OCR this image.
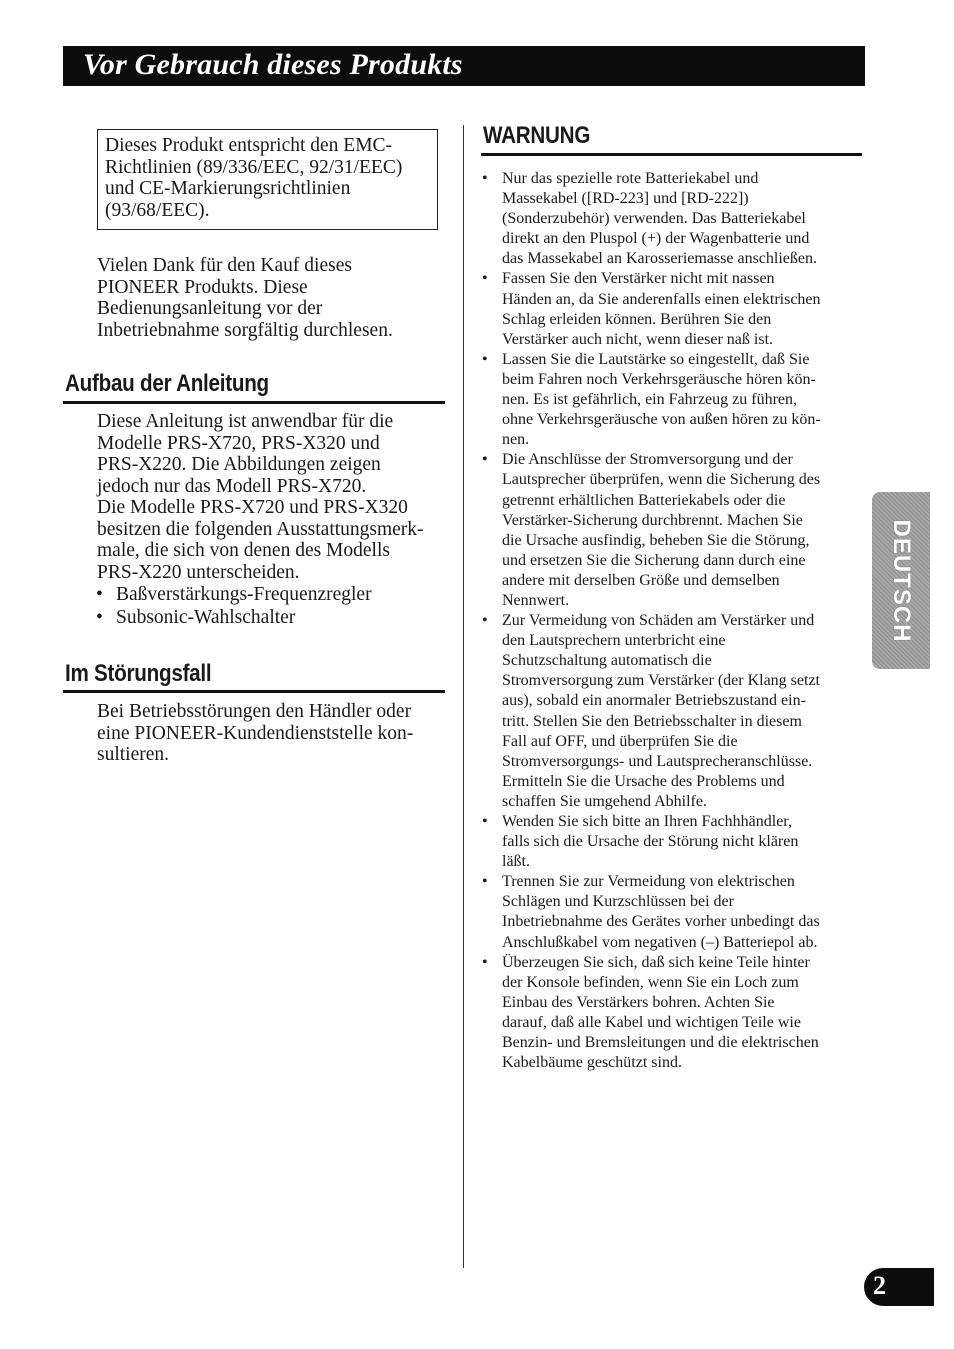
Vor Gebrauch dieses Produkts
Dieses Produkt entspricht den EMC-
Richtlinien (89/336/EEC, 92/31/EEC)
und CE-Markierungsrichtlinien
(93/68/EEC).
Vielen Dank für den Kauf dieses
PIONEER Produkts. Diese
Bedienungsanleitung vor der
Inbetriebnahme sorgfältig durchlesen.
Aufbau der Anleitung
Diese Anleitung ist anwendbar für die
Modelle PRS-X720, PRS-X320 und
PRS-X220. Die Abbildungen zeigen
jedoch nur das Modell PRS-X720.
Die Modelle PRS-X720 und PRS-X320
besitzen die folgenden Ausstattungsmerk-
male, die sich von denen des Modells
PRS-X220 unterscheiden.
• Baßverstärkungs-Frequenzregler
• Subsonic-Wahlschalter
Im Störungsfall
Bei Betriebsstörungen den Händler oder
eine PIONEER-Kundendienststelle kon-
sultieren.
WARNUNG
• Nur das spezielle rote Batteriekabel und
Massekabel ([RD-223] und [RD-222])
(Sonderzubehör) verwenden. Das Batteriekabel
direkt an den Pluspol (+) der Wagenbatterie und
das Massekabel an Karosseriemasse anschließen.
• Fassen Sie den Verstärker nicht mit nassen
Händen an, da Sie anderenfalls einen elektrischen
Schlag erleiden können. Berühren Sie den
Verstärker auch nicht, wenn dieser naß ist.
• Lassen Sie die Lautstärke so eingestellt, daß Sie
beim Fahren noch Verkehrsgeräusche hören kön-
nen. Es ist gefährlich, ein Fahrzeug zu führen,
ohne Verkehrsgeräusche von außen hören zu kön-
nen.
• Die Anschlüsse der Stromversorgung und der
Lautsprecher überprüfen, wenn die Sicherung des
getrennt erhältlichen Batteriekabels oder die
Verstärker-Sicherung durchbrennt. Machen Sie
die Ursache ausfindig, beheben Sie die Störung,
und ersetzen Sie die Sicherung dann durch eine
andere mit derselben Größe und demselben
Nennwert.
• Zur Vermeidung von Schäden am Verstärker und
den Lautsprechern unterbricht eine
Schutzschaltung automatisch die
Stromversorgung zum Verstärker (der Klang setzt
aus), sobald ein anormaler Betriebszustand ein-
tritt. Stellen Sie den Betriebsschalter in diesem
Fall auf OFF, und überprüfen Sie die
Stromversorgungs- und Lautsprecheranschlüsse.
Ermitteln Sie die Ursache des Problems und
schaffen Sie umgehend Abhilfe.
• Wenden Sie sich bitte an Ihren Fachhhändler,
falls sich die Ursache der Störung nicht klären
läßt.
• Trennen Sie zur Vermeidung von elektrischen
Schlägen und Kurzschlüssen bei der
Inbetriebnahme des Gerätes vorher unbedingt das
Anschlußkabel vom negativen (–) Batteriepol ab.
• Überzeugen Sie sich, daß sich keine Teile hinter
der Konsole befinden, wenn Sie ein Loch zum
Einbau des Verstärkers bohren. Achten Sie
darauf, daß alle Kabel und wichtigen Teile wie
Benzin- und Bremsleitungen und die elektrischen
Kabelbäume geschützt sind.
DEUTSCH
2
